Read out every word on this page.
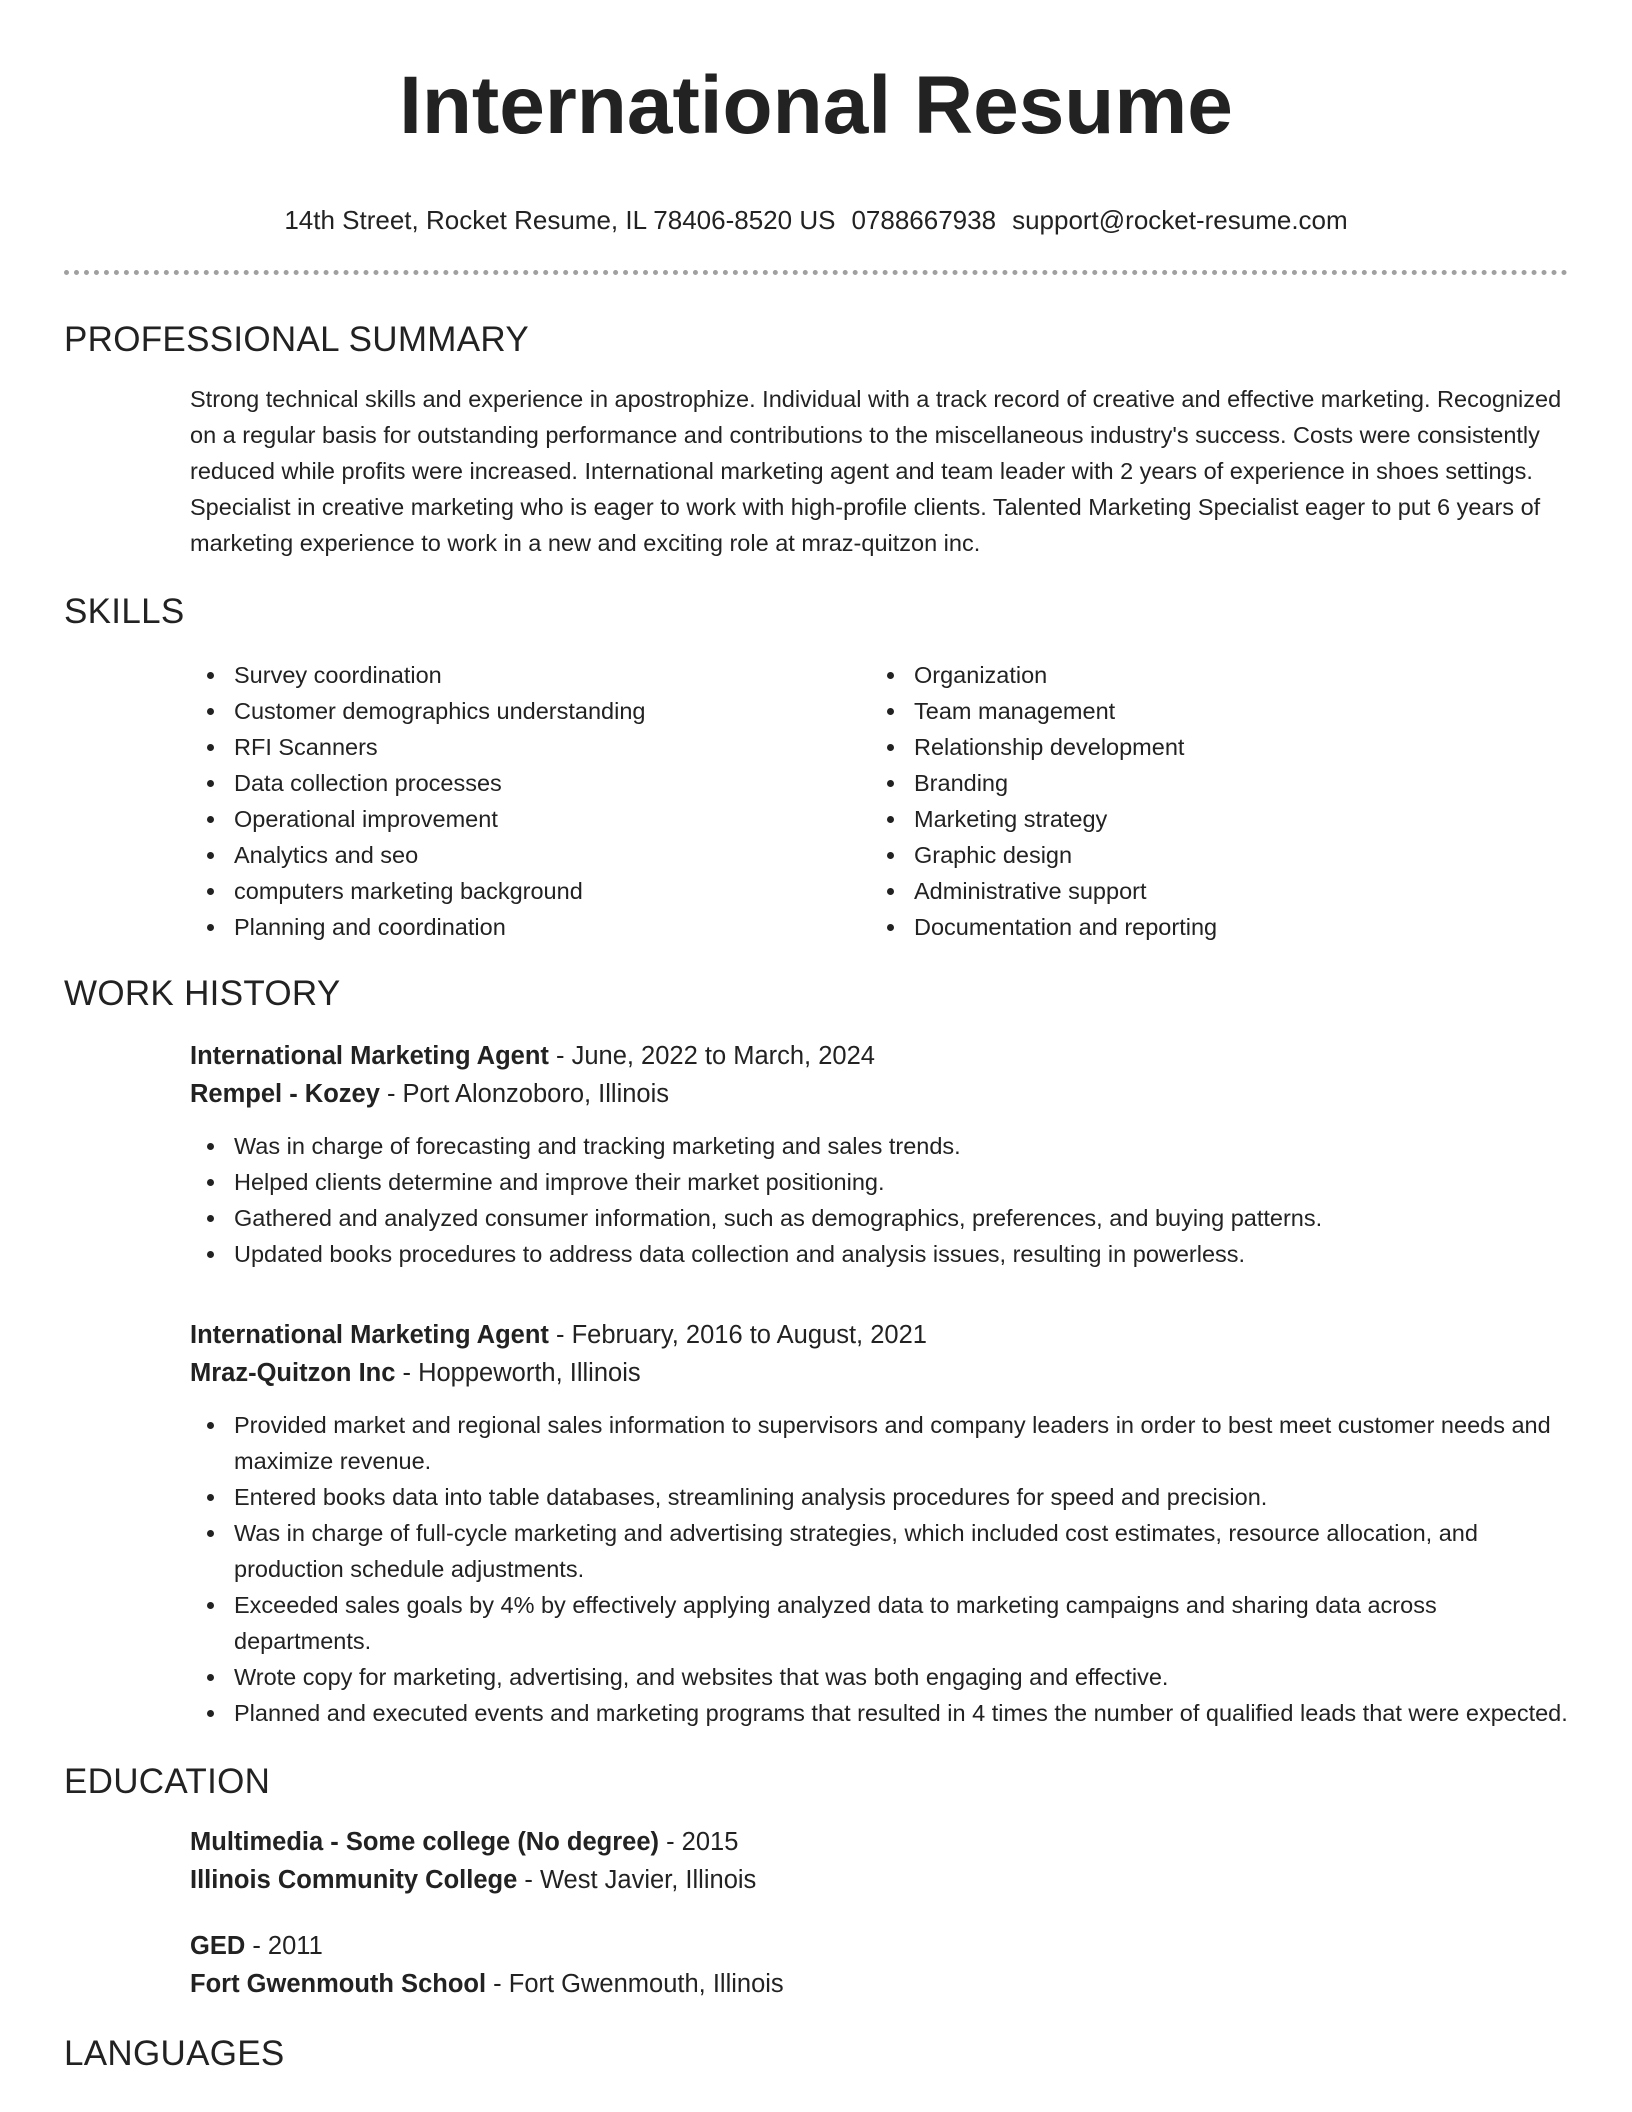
International Resume
14th Street, Rocket Resume, IL 78406-8520 US 0788667938 support@rocket-resume.com
PROFESSIONAL SUMMARY

Strong technical skills and experience in apostrophize. Individual with a track record of creative and effective marketing. Recognized on a regular basis for outstanding performance and contributions to the miscellaneous industry's success. Costs were consistently reduced while profits were increased. International marketing agent and team leader with 2 years of experience in shoes settings. Specialist in creative marketing who is eager to work with high-profile clients. Talented Marketing Specialist eager to put 6 years of marketing experience to work in a new and exciting role at mraz-quitzon inc.

SKILLS
Survey coordination
Customer demographics understanding
RFI Scanners
Data collection processes
Operational improvement
Analytics and seo
computers marketing background
Planning and coordination
Organization
Team management
Relationship development
Branding
Marketing strategy
Graphic design
Administrative support
Documentation and reporting
WORK HISTORY
International Marketing Agent - June, 2022 to March, 2024
Rempel - Kozey - Port Alonzoboro, Illinois
Was in charge of forecasting and tracking marketing and sales trends.
Helped clients determine and improve their market positioning.
Gathered and analyzed consumer information, such as demographics, preferences, and buying patterns.
Updated books procedures to address data collection and analysis issues, resulting in powerless.
International Marketing Agent - February, 2016 to August, 2021
Mraz-Quitzon Inc - Hoppeworth, Illinois
Provided market and regional sales information to supervisors and company leaders in order to best meet customer needs and maximize revenue.
Entered books data into table databases, streamlining analysis procedures for speed and precision.
Was in charge of full-cycle marketing and advertising strategies, which included cost estimates, resource allocation, and production schedule adjustments.
Exceeded sales goals by 4% by effectively applying analyzed data to marketing campaigns and sharing data across departments.
Wrote copy for marketing, advertising, and websites that was both engaging and effective.
Planned and executed events and marketing programs that resulted in 4 times the number of qualified leads that were expected.
EDUCATION
Multimedia - Some college (No degree) - 2015
Illinois Community College - West Javier, Illinois
GED - 2011
Fort Gwenmouth School - Fort Gwenmouth, Illinois
LANGUAGES
